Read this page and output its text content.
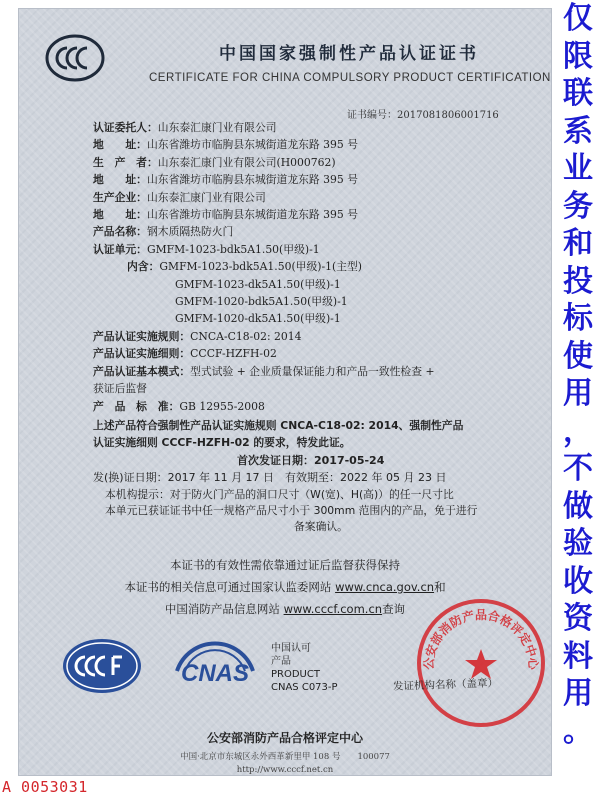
中国国家强制性产品认证证书
CERTIFICATE FOR CHINA COMPULSORY PRODUCT CERTIFICATION
证书编号：2017081806001716
认证委托人：山东泰汇康门业有限公司
地　　址：山东省潍坊市临朐县东城街道龙东路 395 号
生　产　者：山东泰汇康门业有限公司(H000762)
地　　址：山东省潍坊市临朐县东城街道龙东路 395 号
生产企业：山东泰汇康门业有限公司
地　　址：山东省潍坊市临朐县东城街道龙东路 395 号
产品名称：钢木质隔热防火门
认证单元：GMFM-1023-bdk5A1.50(甲级)-1
内含：GMFM-1023-bdk5A1.50(甲级)-1(主型)
GMFM-1023-dk5A1.50(甲级)-1
GMFM-1020-bdk5A1.50(甲级)-1
GMFM-1020-dk5A1.50(甲级)-1
产品认证实施规则：CNCA-C18-02: 2014
产品认证实施细则：CCCF-HZFH-02
产品认证基本模式：型式试验 + 企业质量保证能力和产品一致性检查 +
获证后监督
产　品　标　准：GB 12955-2008
上述产品符合强制性产品认证实施规则 CNCA-C18-02: 2014、强制性产品
认证实施细则 CCCF-HZFH-02 的要求，特发此证。
首次发证日期：2017-05-24
发(换)证日期：2017 年 11 月 17 日　有效期至：2022 年 05 月 23 日
本机构提示：对于防火门产品的洞口尺寸（W(宽)、H(高)）的任一尺寸比
本单元已获证证书中任一规格产品尺寸小于 300mm 范围内的产品，免于进行
备案确认。
本证书的有效性需依靠通过证后监督获得保持
本证书的相关信息可通过国家认监委网站 www.cnca.gov.cn和
中国消防产品信息网站 www.cccf.com.cn查询
CNAS
中国认可
产品
PRODUCT
CNAS C073-P
公安部消防产品合格评定中心
发证机构名称（盖章）
公安部消防产品合格评定中心
中国·北京市东城区永外西革新里甲 108 号　　100077
http://www.cccf.net.cn
A 0053031
仅
限
联
系
业
务
和
投
标
使
用
，
不
做
验
收
资
料
用
。
